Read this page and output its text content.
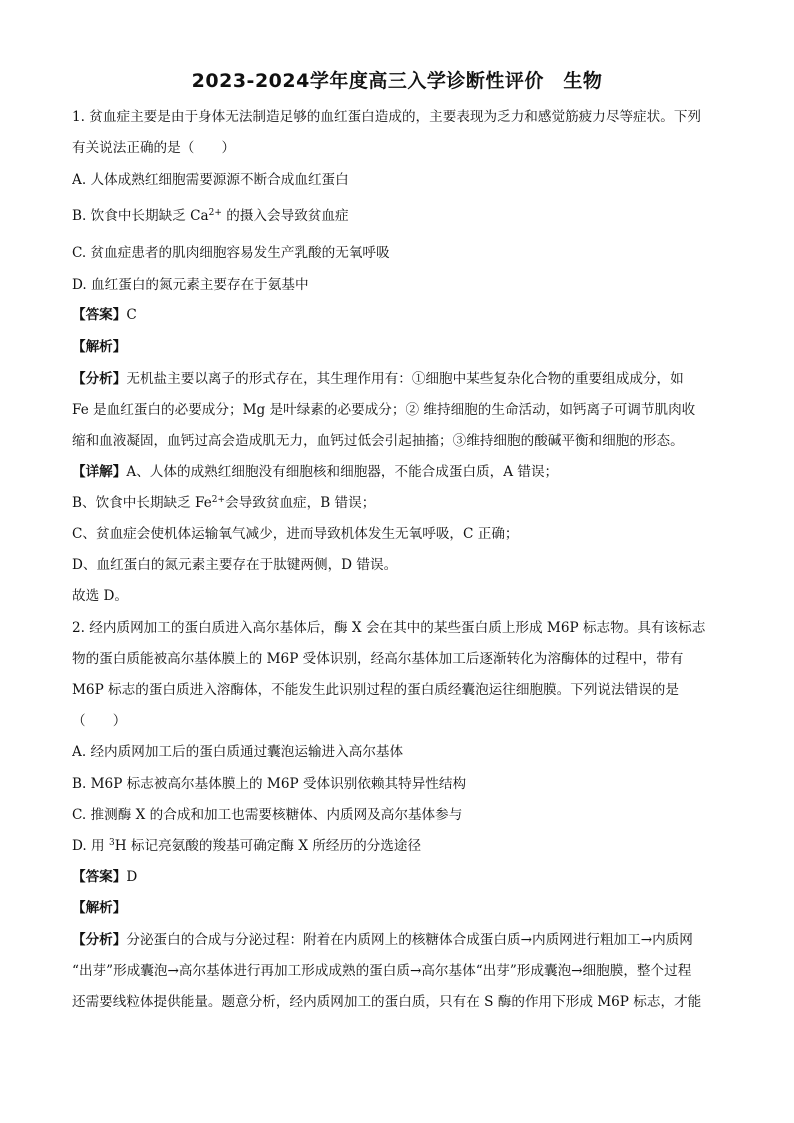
2023-2024学年度高三入学诊断性评价　生物
1. 贫血症主要是由于身体无法制造足够的血红蛋白造成的，主要表现为乏力和感觉筋疲力尽等症状。下列
有关说法正确的是（　　）
A. 人体成熟红细胞需要源源不断合成血红蛋白
B. 饮食中长期缺乏 $Ca^{2+}$ 的摄入会导致贫血症
C. 贫血症患者的肌肉细胞容易发生产乳酸的无氧呼吸
D. 血红蛋白的氮元素主要存在于氨基中
【答案】C
【解析】
【分析】无机盐主要以离子的形式存在，其生理作用有：①细胞中某些复杂化合物的重要组成成分，如
Fe 是血红蛋白的必要成分；Mg 是叶绿素的必要成分；② 维持细胞的生命活动，如钙离子可调节肌肉收
缩和血液凝固，血钙过高会造成肌无力，血钙过低会引起抽搐；③维持细胞的酸碱平衡和细胞的形态。
【详解】A、人体的成熟红细胞没有细胞核和细胞器，不能合成蛋白质，A 错误；
B、饮食中长期缺乏 $Fe^{2+}$会导致贫血症，B 错误；
C、贫血症会使机体运输氧气减少，进而导致机体发生无氧呼吸，C 正确；
D、血红蛋白的氮元素主要存在于肽键两侧，D 错误。
故选 D。
2. 经内质网加工的蛋白质进入高尔基体后，酶 X 会在其中的某些蛋白质上形成 M6P 标志物。具有该标志
物的蛋白质能被高尔基体膜上的 M6P 受体识别，经高尔基体加工后逐渐转化为溶酶体的过程中，带有
M6P 标志的蛋白质进入溶酶体，不能发生此识别过程的蛋白质经囊泡运往细胞膜。下列说法错误的是
（　　）
A. 经内质网加工后的蛋白质通过囊泡运输进入高尔基体
B. M6P 标志被高尔基体膜上的 M6P 受体识别依赖其特异性结构
C. 推测酶 X 的合成和加工也需要核糖体、内质网及高尔基体参与
D. 用 $^3$H 标记亮氨酸的羧基可确定酶 X 所经历的分选途径
【答案】D
【解析】
【分析】分泌蛋白的合成与分泌过程：附着在内质网上的核糖体合成蛋白质→内质网进行粗加工→内质网
“出芽”形成囊泡→高尔基体进行再加工形成成熟的蛋白质→高尔基体“出芽”形成囊泡→细胞膜，整个过程
还需要线粒体提供能量。题意分析，经内质网加工的蛋白质，只有在 S 酶的作用下形成 M6P 标志，才能
